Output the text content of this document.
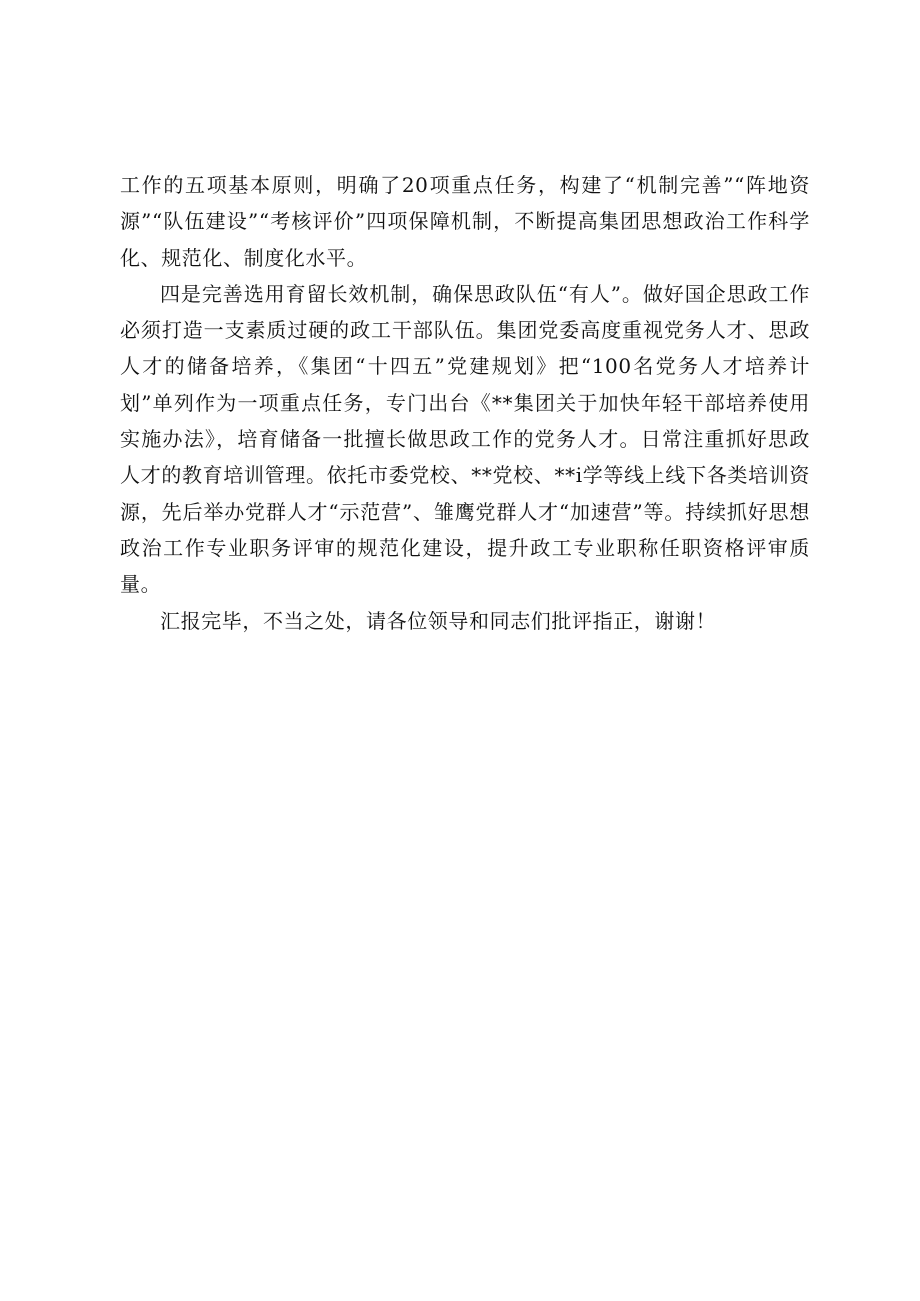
工作的五项基本原则，明确了20项重点任务，构建了“机制完善”“阵地资源”“队伍建设”“考核评价”四项保障机制，不断提高集团思想政治工作科学化、规范化、制度化水平。

四是完善选用育留长效机制，确保思政队伍“有人”。做好国企思政工作必须打造一支素质过硬的政工干部队伍。集团党委高度重视党务人才、思政人才的储备培养，《集团“十四五”党建规划》把“100名党务人才培养计划”单列作为一项重点任务，专门出台《**集团关于加快年轻干部培养使用实施办法》，培育储备一批擅长做思政工作的党务人才。日常注重抓好思政人才的教育培训管理。依托市委党校、**党校、**i学等线上线下各类培训资源，先后举办党群人才“示范营”、雏鹰党群人才“加速营”等。持续抓好思想政治工作专业职务评审的规范化建设，提升政工专业职称任职资格评审质量。

汇报完毕，不当之处，请各位领导和同志们批评指正，谢谢！
